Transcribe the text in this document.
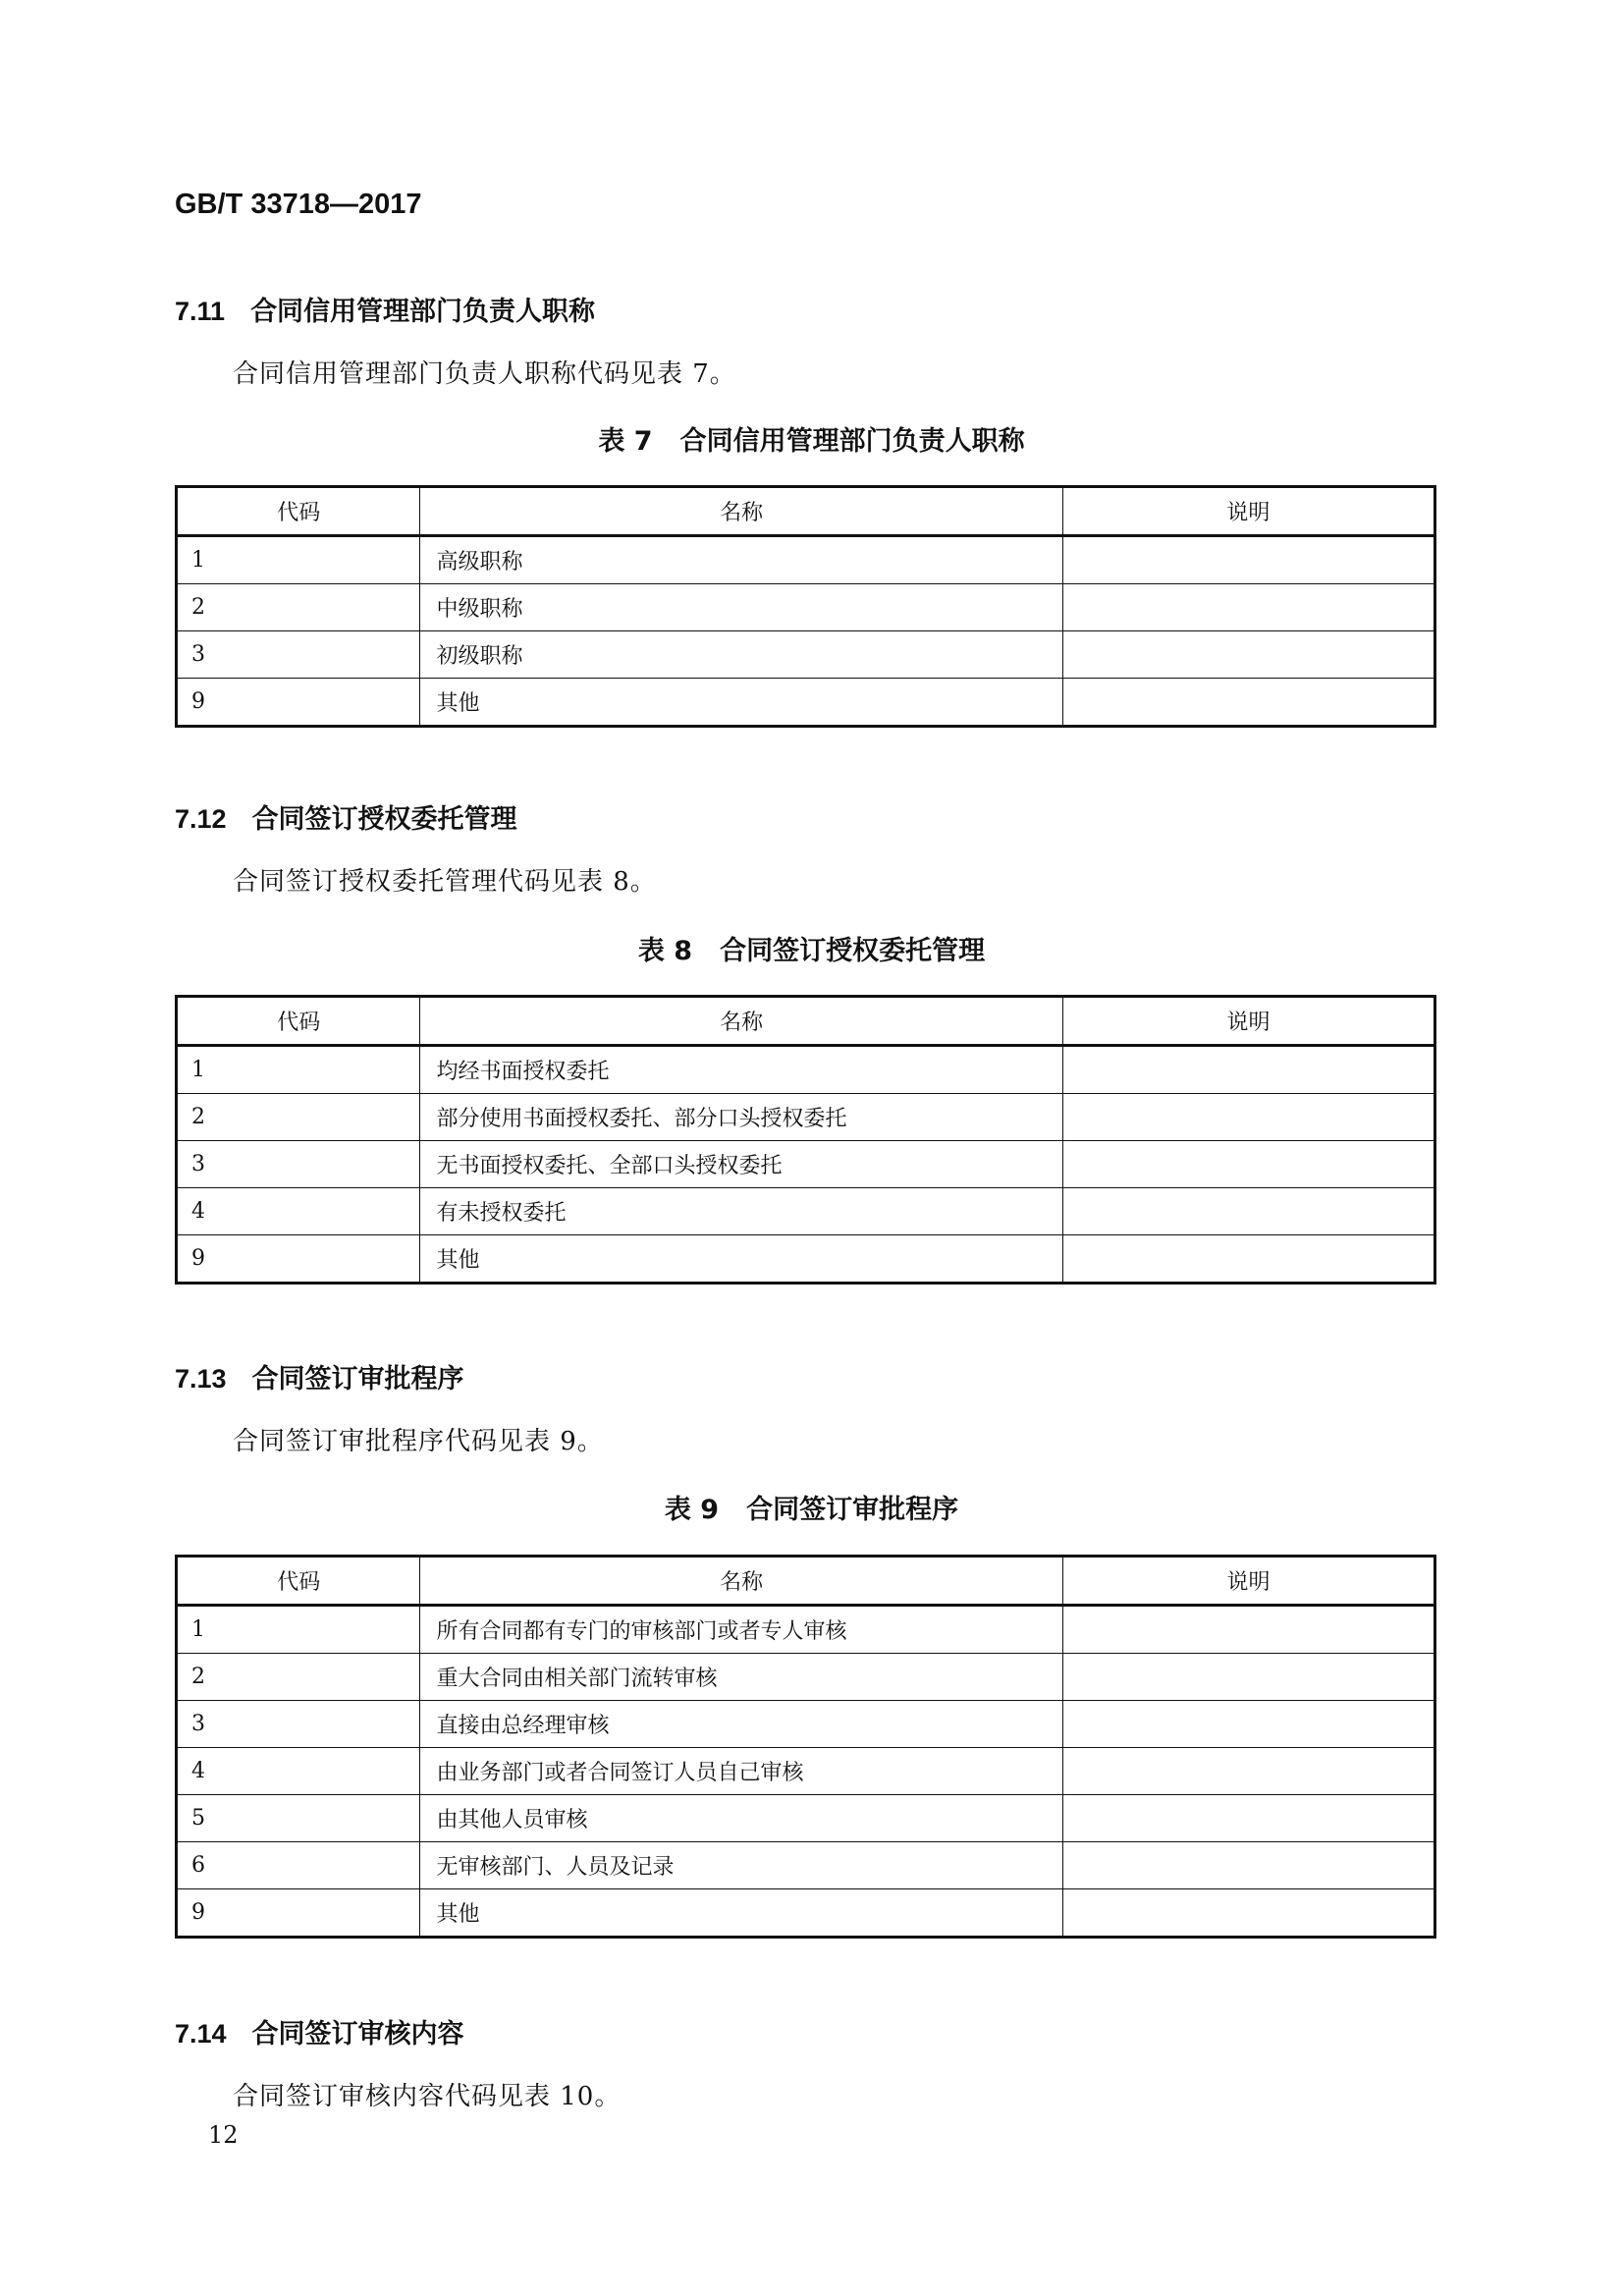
GB/T 33718—2017
7.11 合同信用管理部门负责人职称
合同信用管理部门负责人职称代码见表 7。
表 7 合同信用管理部门负责人职称
代码	名称	说明
1	高级职称	
2	中级职称	
3	初级职称	
9	其他	
7.12 合同签订授权委托管理
合同签订授权委托管理代码见表 8。
表 8 合同签订授权委托管理
代码	名称	说明
1	均经书面授权委托	
2	部分使用书面授权委托、部分口头授权委托	
3	无书面授权委托、全部口头授权委托	
4	有未授权委托	
9	其他	
7.13 合同签订审批程序
合同签订审批程序代码见表 9。
表 9 合同签订审批程序
代码	名称	说明
1	所有合同都有专门的审核部门或者专人审核	
2	重大合同由相关部门流转审核	
3	直接由总经理审核	
4	由业务部门或者合同签订人员自己审核	
5	由其他人员审核	
6	无审核部门、人员及记录	
9	其他	
7.14 合同签订审核内容
合同签订审核内容代码见表 10。
12
